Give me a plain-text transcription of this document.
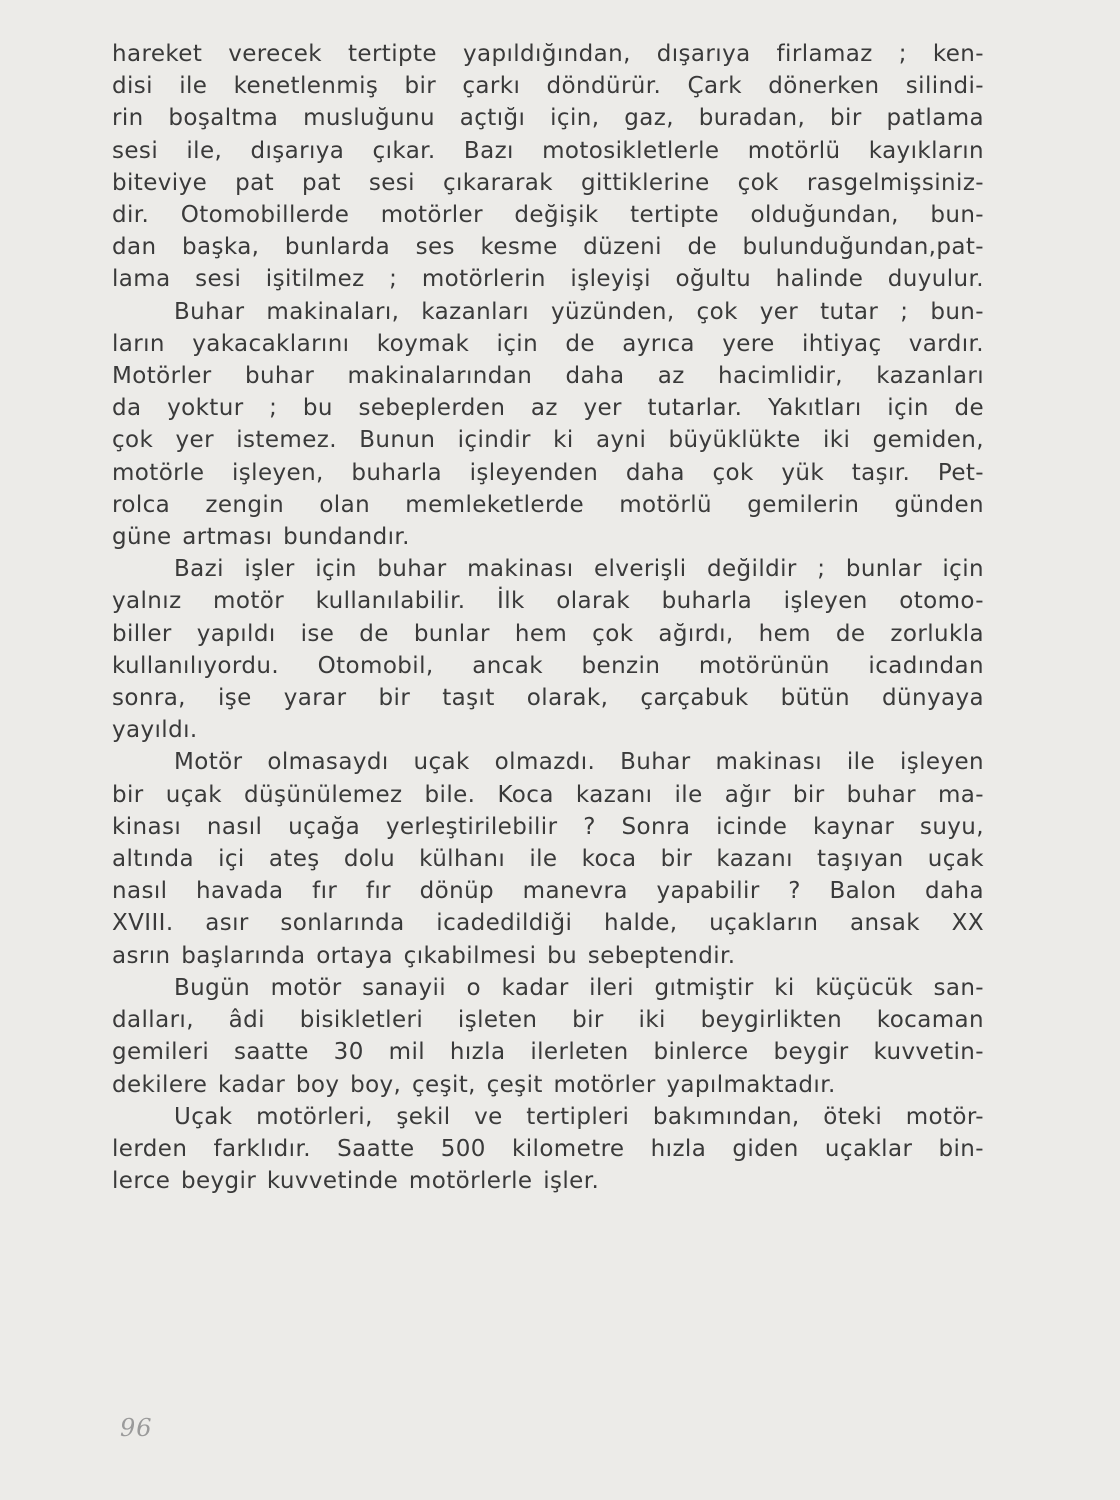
hareket verecek tertipte yapıldığından, dışarıya firlamaz ; ken-
disi ile kenetlenmiş bir çarkı döndürür. Çark dönerken silindi-
rin boşaltma musluğunu açtığı için, gaz, buradan, bir patlama
sesi ile, dışarıya çıkar. Bazı motosikletlerle motörlü kayıkların
biteviye pat pat sesi çıkararak gittiklerine çok rasgelmişsiniz-
dir. Otomobillerde motörler değişik tertipte olduğundan, bun-
dan başka, bunlarda ses kesme düzeni de bulunduğundan,pat-
lama sesi işitilmez ; motörlerin işleyişi oğultu halinde duyulur.

Buhar makinaları, kazanları yüzünden, çok yer tutar ; bun-
ların yakacaklarını koymak için de ayrıca yere ihtiyaç vardır.
Motörler buhar makinalarından daha az hacimlidir, kazanları
da yoktur ; bu sebeplerden az yer tutarlar. Yakıtları için de
çok yer istemez. Bunun içindir ki ayni büyüklükte iki gemiden,
motörle işleyen, buharla işleyenden daha çok yük taşır. Pet-
rolca zengin olan memleketlerde motörlü gemilerin günden
güne artması bundandır.

Bazi işler için buhar makinası elverişli değildir ; bunlar için
yalnız motör kullanılabilir. İlk olarak buharla işleyen otomo-
biller yapıldı ise de bunlar hem çok ağırdı, hem de zorlukla
kullanılıyordu. Otomobil, ancak benzin motörünün icadından
sonra, işe yarar bir taşıt olarak, çarçabuk bütün dünyaya
yayıldı.

Motör olmasaydı uçak olmazdı. Buhar makinası ile işleyen
bir uçak düşünülemez bile. Koca kazanı ile ağır bir buhar ma-
kinası nasıl uçağa yerleştirilebilir ? Sonra icinde kaynar suyu,
altında içi ateş dolu külhanı ile koca bir kazanı taşıyan uçak
nasıl havada fır fır dönüp manevra yapabilir ? Balon daha
XVIII. asır sonlarında icadedildiği halde, uçakların ansak XX
asrın başlarında ortaya çıkabilmesi bu sebeptendir.

Bugün motör sanayii o kadar ileri gıtmiştir ki küçücük san-
dalları, âdi bisikletleri işleten bir iki beygirlikten kocaman
gemileri saatte 30 mil hızla ilerleten binlerce beygir kuvvetin-
dekilere kadar boy boy, çeşit, çeşit motörler yapılmaktadır.

Uçak motörleri, şekil ve tertipleri bakımından, öteki motör-
lerden farklıdır. Saatte 500 kilometre hızla giden uçaklar bin-
lerce beygir kuvvetinde motörlerle işler.

96
